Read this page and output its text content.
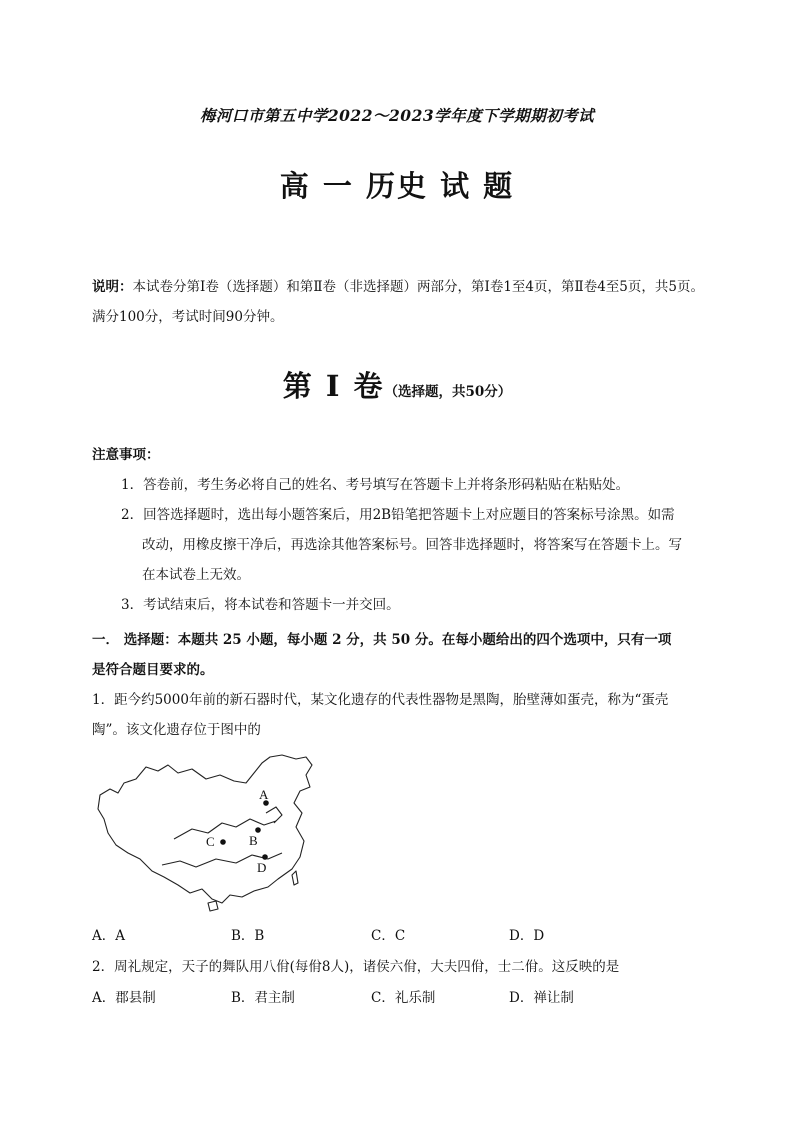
梅河口市第五中学2022～2023学年度下学期期初考试
高 一 历史 试 题
说明：本试卷分第Ⅰ卷（选择题）和第Ⅱ卷（非选择题）两部分，第Ⅰ卷1至4页，第Ⅱ卷4至5页，共5页。满分100分，考试时间90分钟。
第 Ⅰ 卷（选择题，共50分）
注意事项：
1．答卷前，考生务必将自己的姓名、考号填写在答题卡上并将条形码粘贴在粘贴处。
2．回答选择题时，选出每小题答案后，用2B铅笔把答题卡上对应题目的答案标号涂黑。如需
改动，用橡皮擦干净后，再选涂其他答案标号。回答非选择题时，将答案写在答题卡上。写
在本试卷上无效。
3．考试结束后，将本试卷和答题卡一并交回。
一． 选择题：本题共 25 小题，每小题 2 分，共 50 分。在每小题给出的四个选项中，只有一项
是符合题目要求的。
1．距今约5000年前的新石器时代，某文化遗存的代表性器物是黑陶，胎壁薄如蛋壳，称为“蛋壳
陶”。该文化遗存位于图中的
A
B
C
D
A．A	B．B	C．C	D．D
2．周礼规定，天子的舞队用八佾(每佾8人)，诸侯六佾，大夫四佾，士二佾。这反映的是
A．郡县制	B．君主制	C．礼乐制	D．禅让制
